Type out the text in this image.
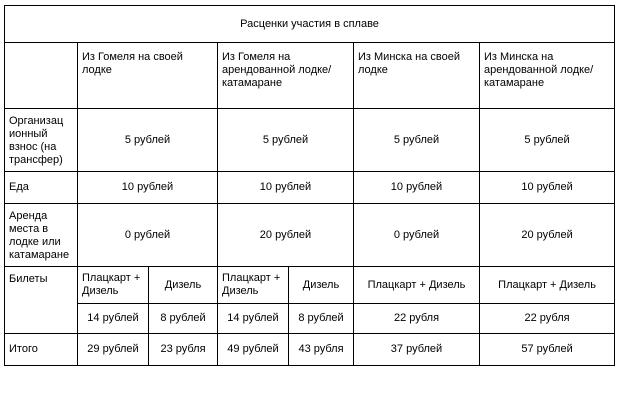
Расценки участия в сплаве						
	Из Гомеля на своей лодке		Из Гомеля на арендованной лодке/катамаране		Из Минска на своей лодке	Из Минска на арендованной лодке/катамаране
Организац ионный взнос (на трансфер)	5 рублей		5 рублей		5 рублей	5 рублей
Еда	10 рублей		10 рублей		10 рублей	10 рублей
Аренда места в лодке или катамаране	0 рублей		20 рублей		0 рублей	20 рублей
Билеты	Плацкарт + Дизель	Дизель	Плацкарт + Дизель	Дизель	Плацкарт + Дизель	Плацкарт + Дизель
	14 рублей	8 рублей	14 рублей	8 рублей	22 рубля	22 рубля
Итого	29 рублей	23 рубля	49 рублей	43 рубля	37 рублей	57 рублей
